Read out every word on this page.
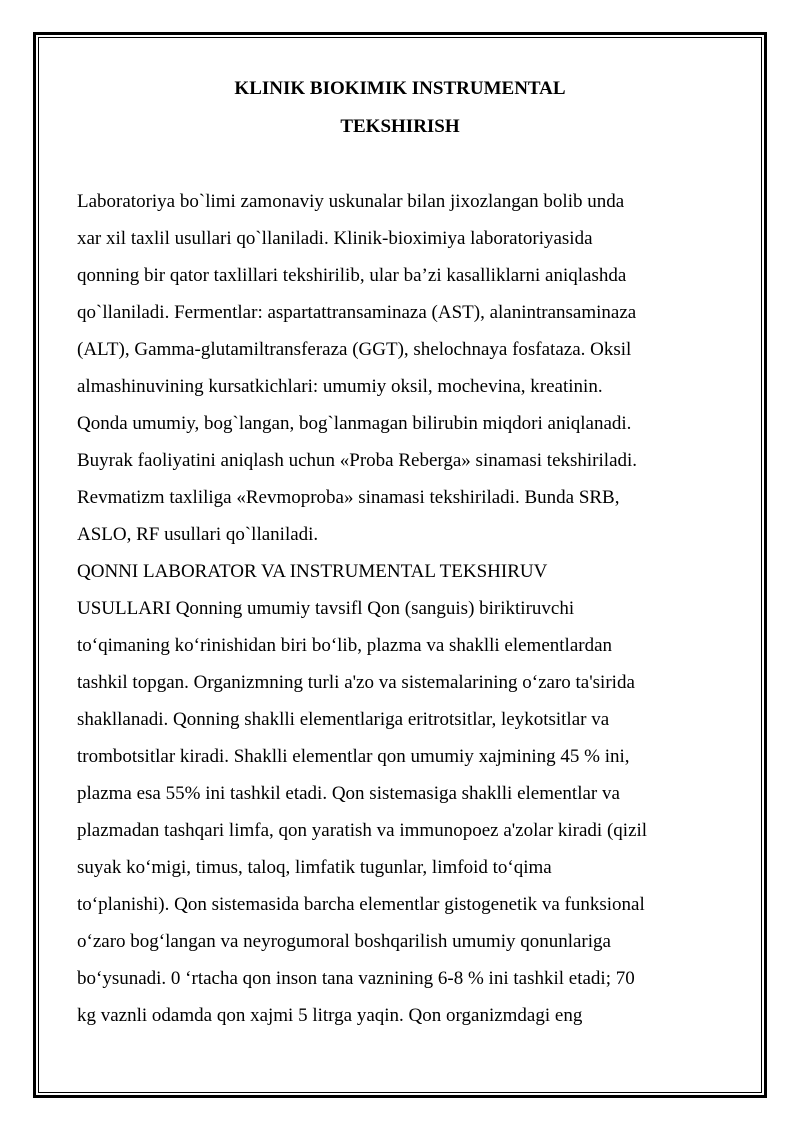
KLINIK BIOKIMIK INSTRUMENTAL
TEKSHIRISH
Laboratoriya bo`limi zamonaviy uskunalar bilan jixozlangan bolib unda
xar xil taxlil usullari qo`llaniladi. Klinik-bioximiya laboratoriyasida
qonning bir qator taxlillari tekshirilib, ular ba’zi kasalliklarni aniqlashda
qo`llaniladi. Fermentlar: aspartattransaminaza (AST), alanintransaminaza
(ALT), Gamma-glutamiltransferaza (GGT), shelochnaya fosfataza. Oksil
almashinuvining kursatkichlari: umumiy oksil, mochevina, kreatinin.
Qonda umumiy, bog`langan, bog`lanmagan bilirubin miqdori aniqlanadi.
Buyrak faoliyatini aniqlash uchun «Proba Reberga» sinamasi tekshiriladi.
Revmatizm taxliliga «Revmoproba» sinamasi tekshiriladi. Bunda SRB,
ASLO, RF usullari qo`llaniladi.
QONNI LABORATOR VA INSTRUMENTAL TEKSHIRUV
USULLARI Qonning umumiy tavsifl Qon (sanguis) biriktiruvchi
to‘qimaning ko‘rinishidan biri bo‘lib, plazma va shaklli elementlardan
tashkil topgan. Organizmning turli a'zo va sistemalarining o‘zaro ta'sirida
shakllanadi. Qonning shaklli elementlariga eritrotsitlar, leykotsitlar va
trombotsitlar kiradi. Shaklli elementlar qon umumiy xajmining 45 % ini,
plazma esa 55% ini tashkil etadi. Qon sistemasiga shaklli elementlar va
plazmadan tashqari limfa, qon yaratish va immunopoez a'zolar kiradi (qizil
suyak ko‘migi, timus, taloq, limfatik tugunlar, limfoid to‘qima
to‘planishi). Qon sistemasida barcha elementlar gistogenetik va funksional
o‘zaro bog‘langan va neyrogumoral boshqarilish umumiy qonunlariga
bo‘ysunadi. 0 ‘rtacha qon inson tana vaznining 6-8 % ini tashkil etadi; 70
kg vaznli odamda qon xajmi 5 litrga yaqin. Qon organizmdagi eng
